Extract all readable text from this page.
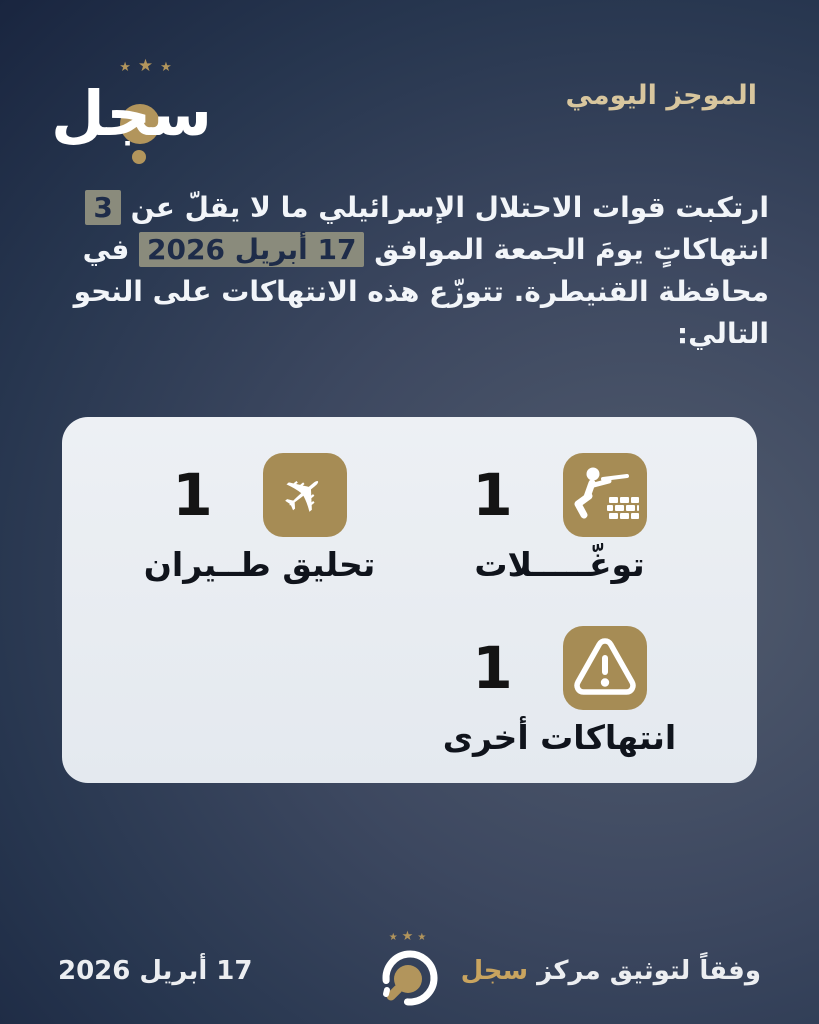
الموجز اليومي
★★★
سجل
ارتكبت قوات الاحتلال الإسرائيلي ما لا يقلّ عن 3 انتهاكاتٍ يومَ الجمعة الموافق 17 أبريل 2026 في محافظة القنيطرة. تتوزّع هذه الانتهاكات على النحو التالي:
1
توغّـــــلات
✈
1
تحليق طــيران
1
انتهاكات أخرى
وفقاً لتوثيق مركز سجل
★★★
17 أبريل 2026
